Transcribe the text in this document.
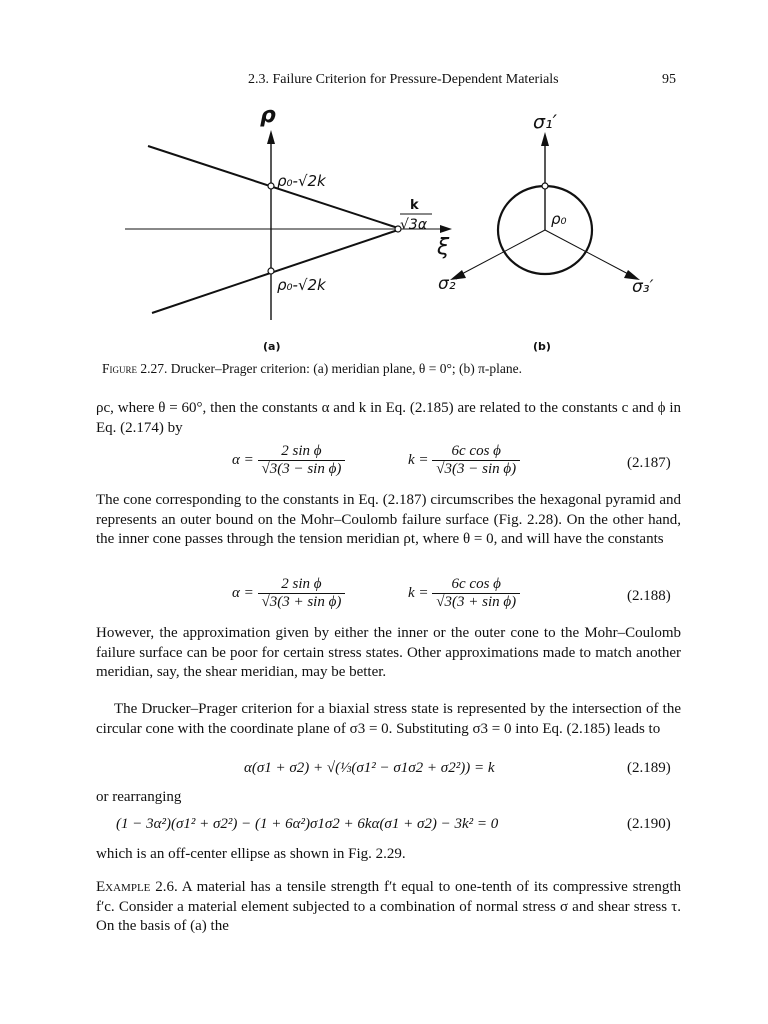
2.3. Failure Criterion for Pressure-Dependent Materials	95
ρ
ρ₀-√2k
ρ₀-√2k
k
√3α
ξ
(a)
σ₁′
σ₂′	σ₃′
ρ₀
(b)
Figure 2.27. Drucker–Prager criterion: (a) meridian plane, θ = 0°; (b) π-plane.
ρc, where θ = 60°, then the constants α and k in Eq. (2.185) are related to the constants c and ϕ in Eq. (2.174) by
$\alpha = \frac{\text{2 sin ϕ}}{\text{√3(3 − sin ϕ)}}$	$k = \frac{\text{6c cos ϕ}}{\text{√3(3 − sin ϕ)}}$	(2.187)
The cone corresponding to the constants in Eq. (2.187) circumscribes the hexagonal pyramid and represents an outer bound on the Mohr–Coulomb failure surface (Fig. 2.28). On the other hand, the inner cone passes through the tension meridian ρt, where θ = 0, and will have the constants
$\alpha = \frac{\text{2 sin ϕ}}{\text{√3(3 + sin ϕ)}}$	$k = \frac{\text{6c cos ϕ}}{\text{√3(3 + sin ϕ)}}$	(2.188)
However, the approximation given by either the inner or the outer cone to the Mohr–Coulomb failure surface can be poor for certain stress states. Other approximations made to match another meridian, say, the shear meridian, may be better.
The Drucker–Prager criterion for a biaxial stress state is represented by the intersection of the circular cone with the coordinate plane of σ3 = 0. Substituting σ3 = 0 into Eq. (2.185) leads to
α(σ1 + σ2) + √(⅓(σ1² − σ1σ2 + σ2²)) = k	(2.189)
or rearranging
(1 − 3α²)(σ1² + σ2²) − (1 + 6α²)σ1σ2 + 6kα(σ1 + σ2) − 3k² = 0	(2.190)
which is an off-center ellipse as shown in Fig. 2.29.
Example 2.6. A material has a tensile strength f′t equal to one-tenth of its compressive strength f′c. Consider a material element subjected to a combination of normal stress σ and shear stress τ. On the basis of (a) the
